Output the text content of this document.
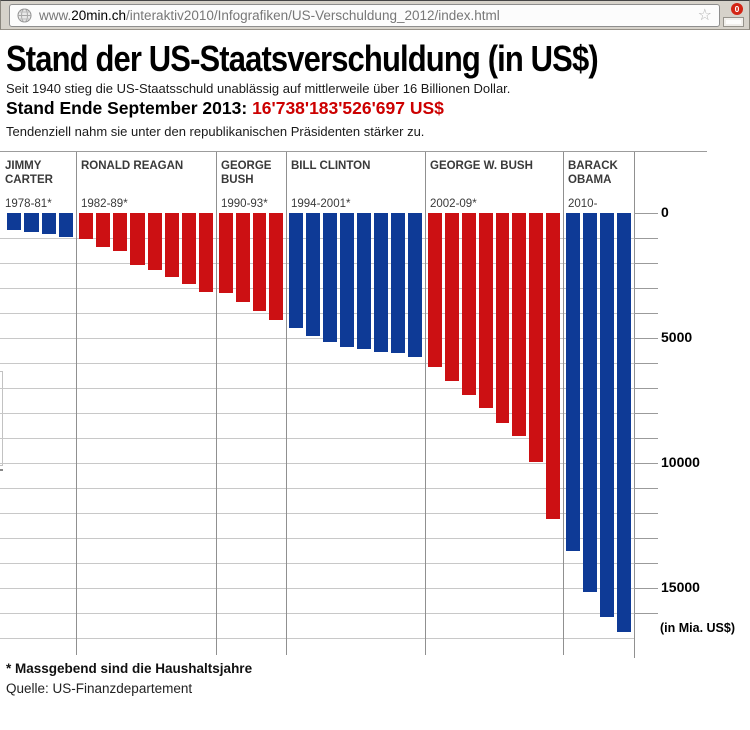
www.20min.ch/interaktiv2010/Infografiken/US-Verschuldung_2012/index.html	☆	0
Stand der US-Staatsverschuldung (in US$)

Seit 1940 stieg die US-Staatsschuld unablässig auf mittlerweile über 16 Billionen Dollar.

Stand Ende September 2013: 16'738'183'526'697 US$

Tendenziell nahm sie unter den republikanischen Präsidenten stärker zu.

JIMMY CARTER
1978-81*
RONALD REAGAN
1982-89*
GEORGE BUSH
1990-93*
BILL CLINTON
1994-2001*
GEORGE W. BUSH
2002-09*
BARACK OBAMA
2010-	0
5000
10000
15000
(in Mia. US$)

* Massgebend sind die Haushaltsjahre

Quelle: US-Finanzdepartement
